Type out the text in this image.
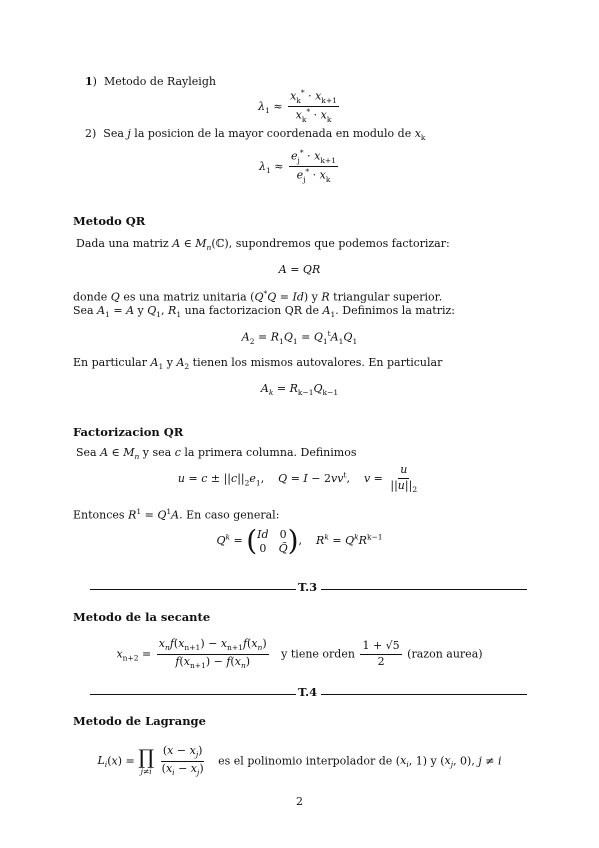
1)  Metodo de Rayleigh
$\lambda_1 \approx \frac{x_k^* \cdot x_{k+1}}{x_k^* \cdot x_k}$
2)  Sea j la posicion de la mayor coordenada en modulo de $x_k$
$\lambda_1 \approx \frac{e_j^* \cdot x_{k+1}}{e_j^* \cdot x_k}$
Metodo QR
Dada una matriz A ∈ $M_n(ℂ)$, supondremos que podemos factorizar:
A = QR
donde Q es una matriz unitaria (Q*Q = Id) y R triangular superior.
Sea $A_1 = A$ y $Q_1$, $R_1$ una factorizacion QR de $A_1$. Definimos la matriz:
$A_2 = R_1Q_1 = Q_1^tA_1Q_1$
En particular $A_1$ y $A_2$ tienen los mismos autovalores. En particular
$A_k = R_{k-1}Q_{k-1}$
Factorizacion QR
Sea A ∈ $M_n$ y sea c la primera columna. Definimos
$u = c \pm ||c||_2e_1$,    $Q = I - 2vv^t$,    $v = \frac{u}{||u||_2}$
Entonces $R^1 = Q^1A$. En caso general:
$Q^k$ = ( Id 0
0 Q̃ ),    $R^k = Q^kR^{k-1}$
T.3
Metodo de la secante
$x_{n+2} = \frac{x_nf(x_{n+1}) - x_{n+1}f(x_n)}{f(x_{n+1}) - f(x_n)}$ y tiene orden $\frac{1 + √5}{2}$ (razon aurea)
T.4
Metodo de Lagrange
$L_i(x)$ = ∏
j≠i
$\frac{(x - x_j)}{(x_i - x_j)}$ es el polinomio interpolador de ($x_i$, 1) y ($x_j$, 0), j ≠ i
2
